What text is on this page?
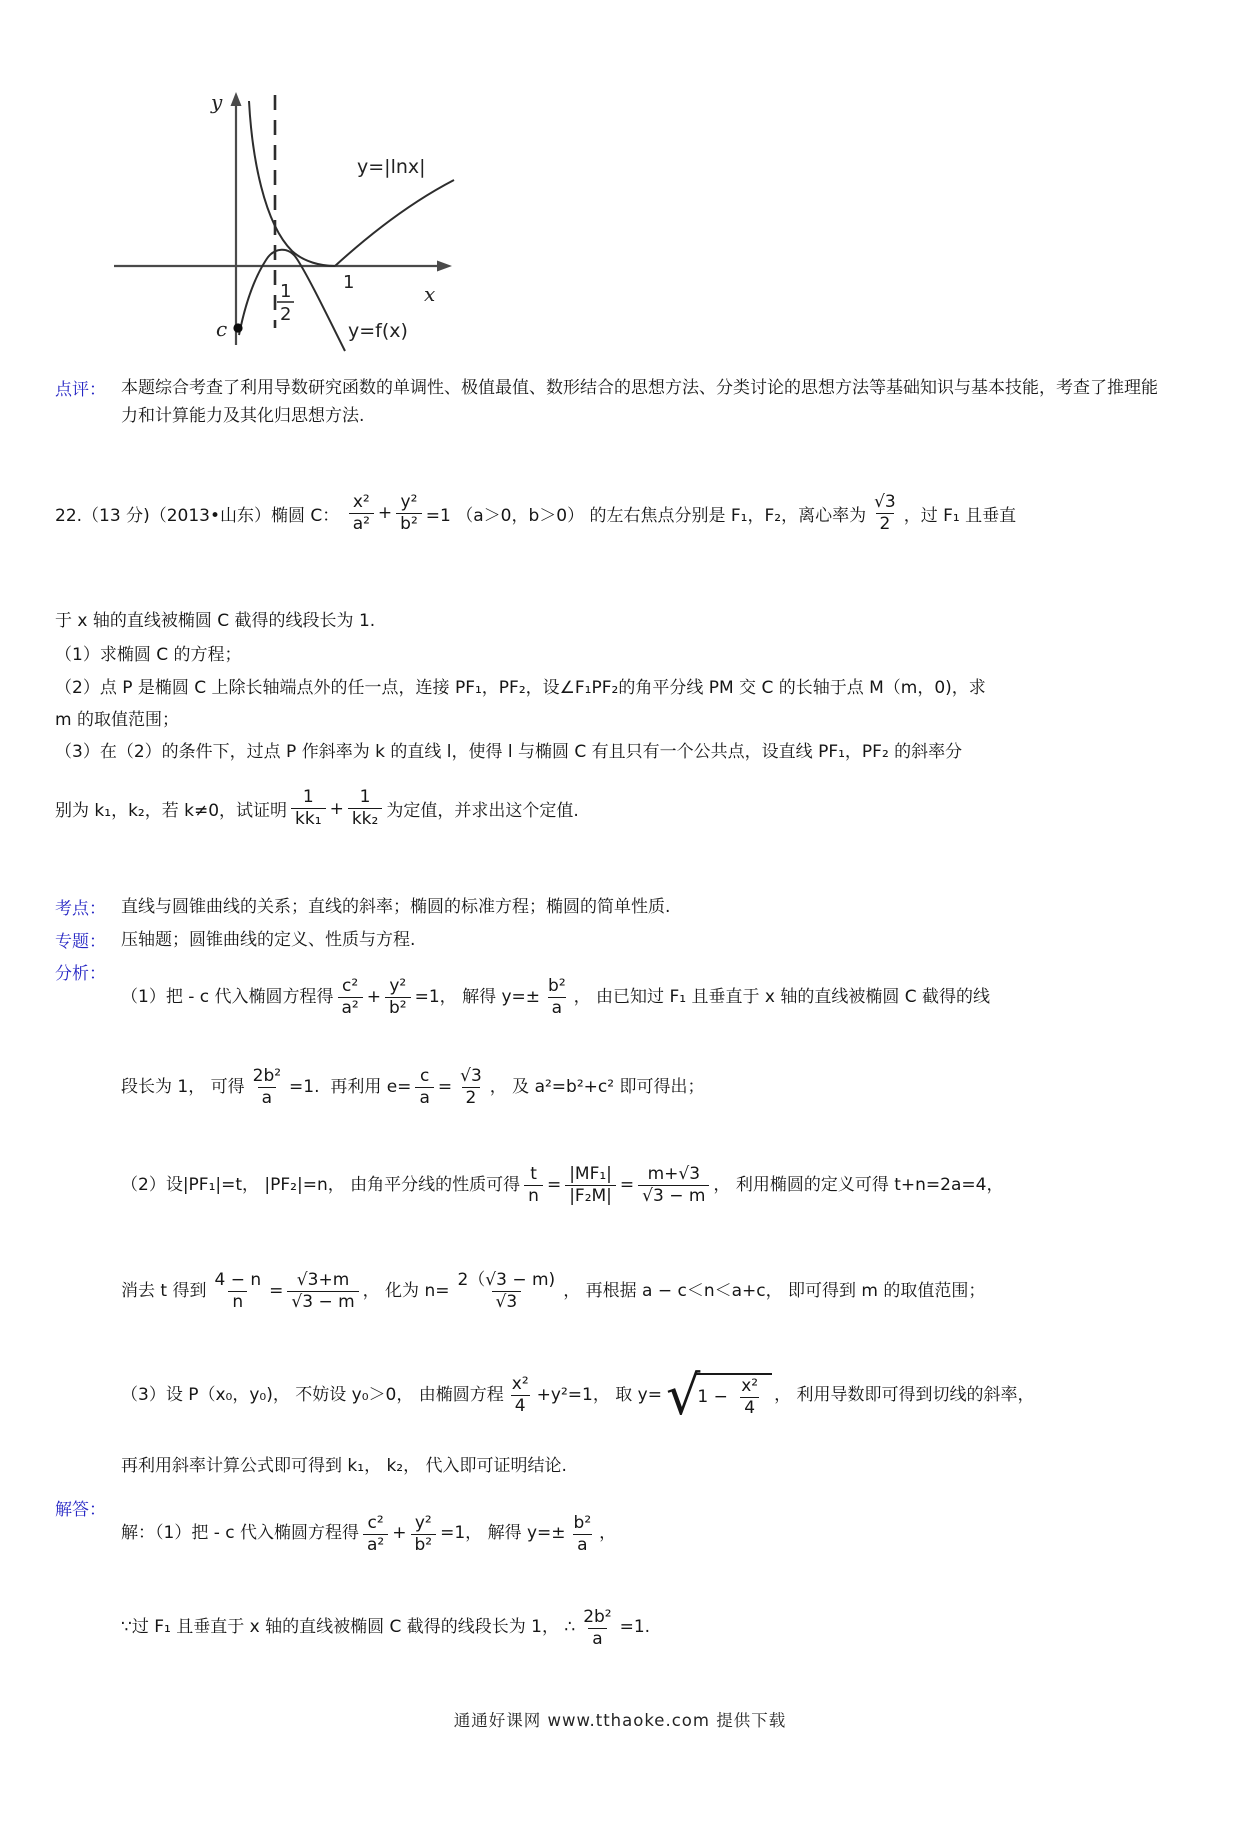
y
x
y=|lnx|
y=f(x)
1
1
2
c
点评： 本题综合考查了利用导数研究函数的单调性、极值最值、数形结合的思想方法、分类讨论的思想方法等基础知识与基本技能，考查了推理能力和计算能力及其化归思想方法.

22.（13 分)（2013•山东）椭圆 C： $\frac{\text{x²}}{\text{a²}} + \frac{\text{y²}}{\text{b²}} =1$ （a＞0，b＞0） 的左右焦点分别是 F₁，F₂，离心率为 $\frac{√3}{2}$ ，过 F₁ 且垂直
于 x 轴的直线被椭圆 C 截得的线段长为 1.
（1）求椭圆 C 的方程；
（2）点 P 是椭圆 C 上除长轴端点外的任一点，连接 PF₁，PF₂，设∠F₁PF₂的角平分线 PM 交 C 的长轴于点 M（m，0)，求
m 的取值范围；
（3）在（2）的条件下，过点 P 作斜率为 k 的直线 l，使得 l 与椭圆 C 有且只有一个公共点，设直线 PF₁，PF₂ 的斜率分
别为 k₁，k₂，若 k≠0，试证明 $\frac{1}{\text{kk₁}} + \frac{1}{\text{kk₂}}$ 为定值，并求出这个定值.
考点： 直线与圆锥曲线的关系；直线的斜率；椭圆的标准方程；椭圆的简单性质.

专题： 压轴题；圆锥曲线的定义、性质与方程.

分析：
（1）把 - c 代入椭圆方程得 $\frac{\text{c²}}{\text{a²}} + \frac{\text{y²}}{\text{b²}} =1$， 解得 $y=\pm \frac{\text{b²}}{a}$ ， 由已知过 F₁ 且垂直于 x 轴的直线被椭圆 C 截得的线
段长为 1， 可得 $\frac{\text{2b²}}{a} =1$.  再利用 $e= \frac{c}{a} = \frac{√3}{2}$ ， 及 a²=b²+c² 即可得出；
（2）设|PF₁|=t， |PF₂|=n， 由角平分线的性质可得 $\frac{t}{n} = \frac{\text{|MF₁|}}{\text{|F₂M|}} = \frac{m+√3}{√3 - m}$ ， 利用椭圆的定义可得 t+n=2a=4，
消去 t 得到 $\frac{4 - n}{n} = \frac{√3+m}{√3 - m}$ ， 化为 $n= \frac{2(√3 - m)}{√3}$ ， 再根据 a − c＜n＜a+c， 即可得到 m 的取值范围；
（3）设 P（x₀，y₀)， 不妨设 y₀＞0， 由椭圆方程 $\frac{\text{x²}}{4} +y^2=1$， 取 y= √
$1 - \frac{\text{x²}}{4}$ ， 利用导数即可得到切线的斜率，
再利用斜率计算公式即可得到 k₁， k₂， 代入即可证明结论.
解答：
解：（1）把 - c 代入椭圆方程得 $\frac{\text{c²}}{\text{a²}} + \frac{\text{y²}}{\text{b²}} =1$， 解得 $y=\pm \frac{\text{b²}}{a}$ ，
∵过 F₁ 且垂直于 x 轴的直线被椭圆 C 截得的线段长为 1， ∴ $\frac{\text{2b²}}{a} =1$.
通通好课网 www.tthaoke.com 提供下载
